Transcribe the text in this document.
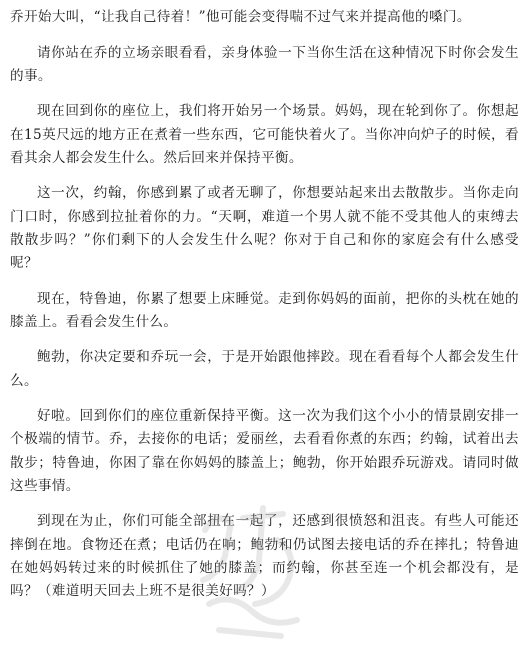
乔开始大叫，“让我自己待着！”他可能会变得喘不过气来并提高他的嗓门。

请你站在乔的立场亲眼看看，亲身体验一下当你生活在这种情况下时你会发生的事。

现在回到你的座位上，我们将开始另一个场景。妈妈，现在轮到你了。你想起在15英尺远的地方正在煮着一些东西，它可能快着火了。当你冲向炉子的时候，看看其余人都会发生什么。然后回来并保持平衡。

这一次，约翰，你感到累了或者无聊了，你想要站起来出去散散步。当你走向门口时，你感到拉扯着你的力。“天啊，难道一个男人就不能不受其他人的束缚去散散步吗？”你们剩下的人会发生什么呢？你对于自己和你的家庭会有什么感受呢？

现在，特鲁迪，你累了想要上床睡觉。走到你妈妈的面前，把你的头枕在她的膝盖上。看看会发生什么。

鲍勃，你决定要和乔玩一会，于是开始跟他摔跤。现在看看每个人都会发生什么。

好啦。回到你们的座位重新保持平衡。这一次为我们这个小小的情景剧安排一个极端的情节。乔，去接你的电话；爱丽丝，去看看你煮的东西；约翰，试着出去散步；特鲁迪，你困了靠在你妈妈的膝盖上；鲍勃，你开始跟乔玩游戏。请同时做这些事情。

到现在为止，你们可能全部扭在一起了，还感到很愤怒和沮丧。有些人可能还摔倒在地。食物还在煮；电话仍在响；鲍勃和仍试图去接电话的乔在摔扎；特鲁迪在她妈妈转过来的时候抓住了她的膝盖；而约翰，你甚至连一个机会都没有，是吗？（难道明天回去上班不是很美好吗？）
